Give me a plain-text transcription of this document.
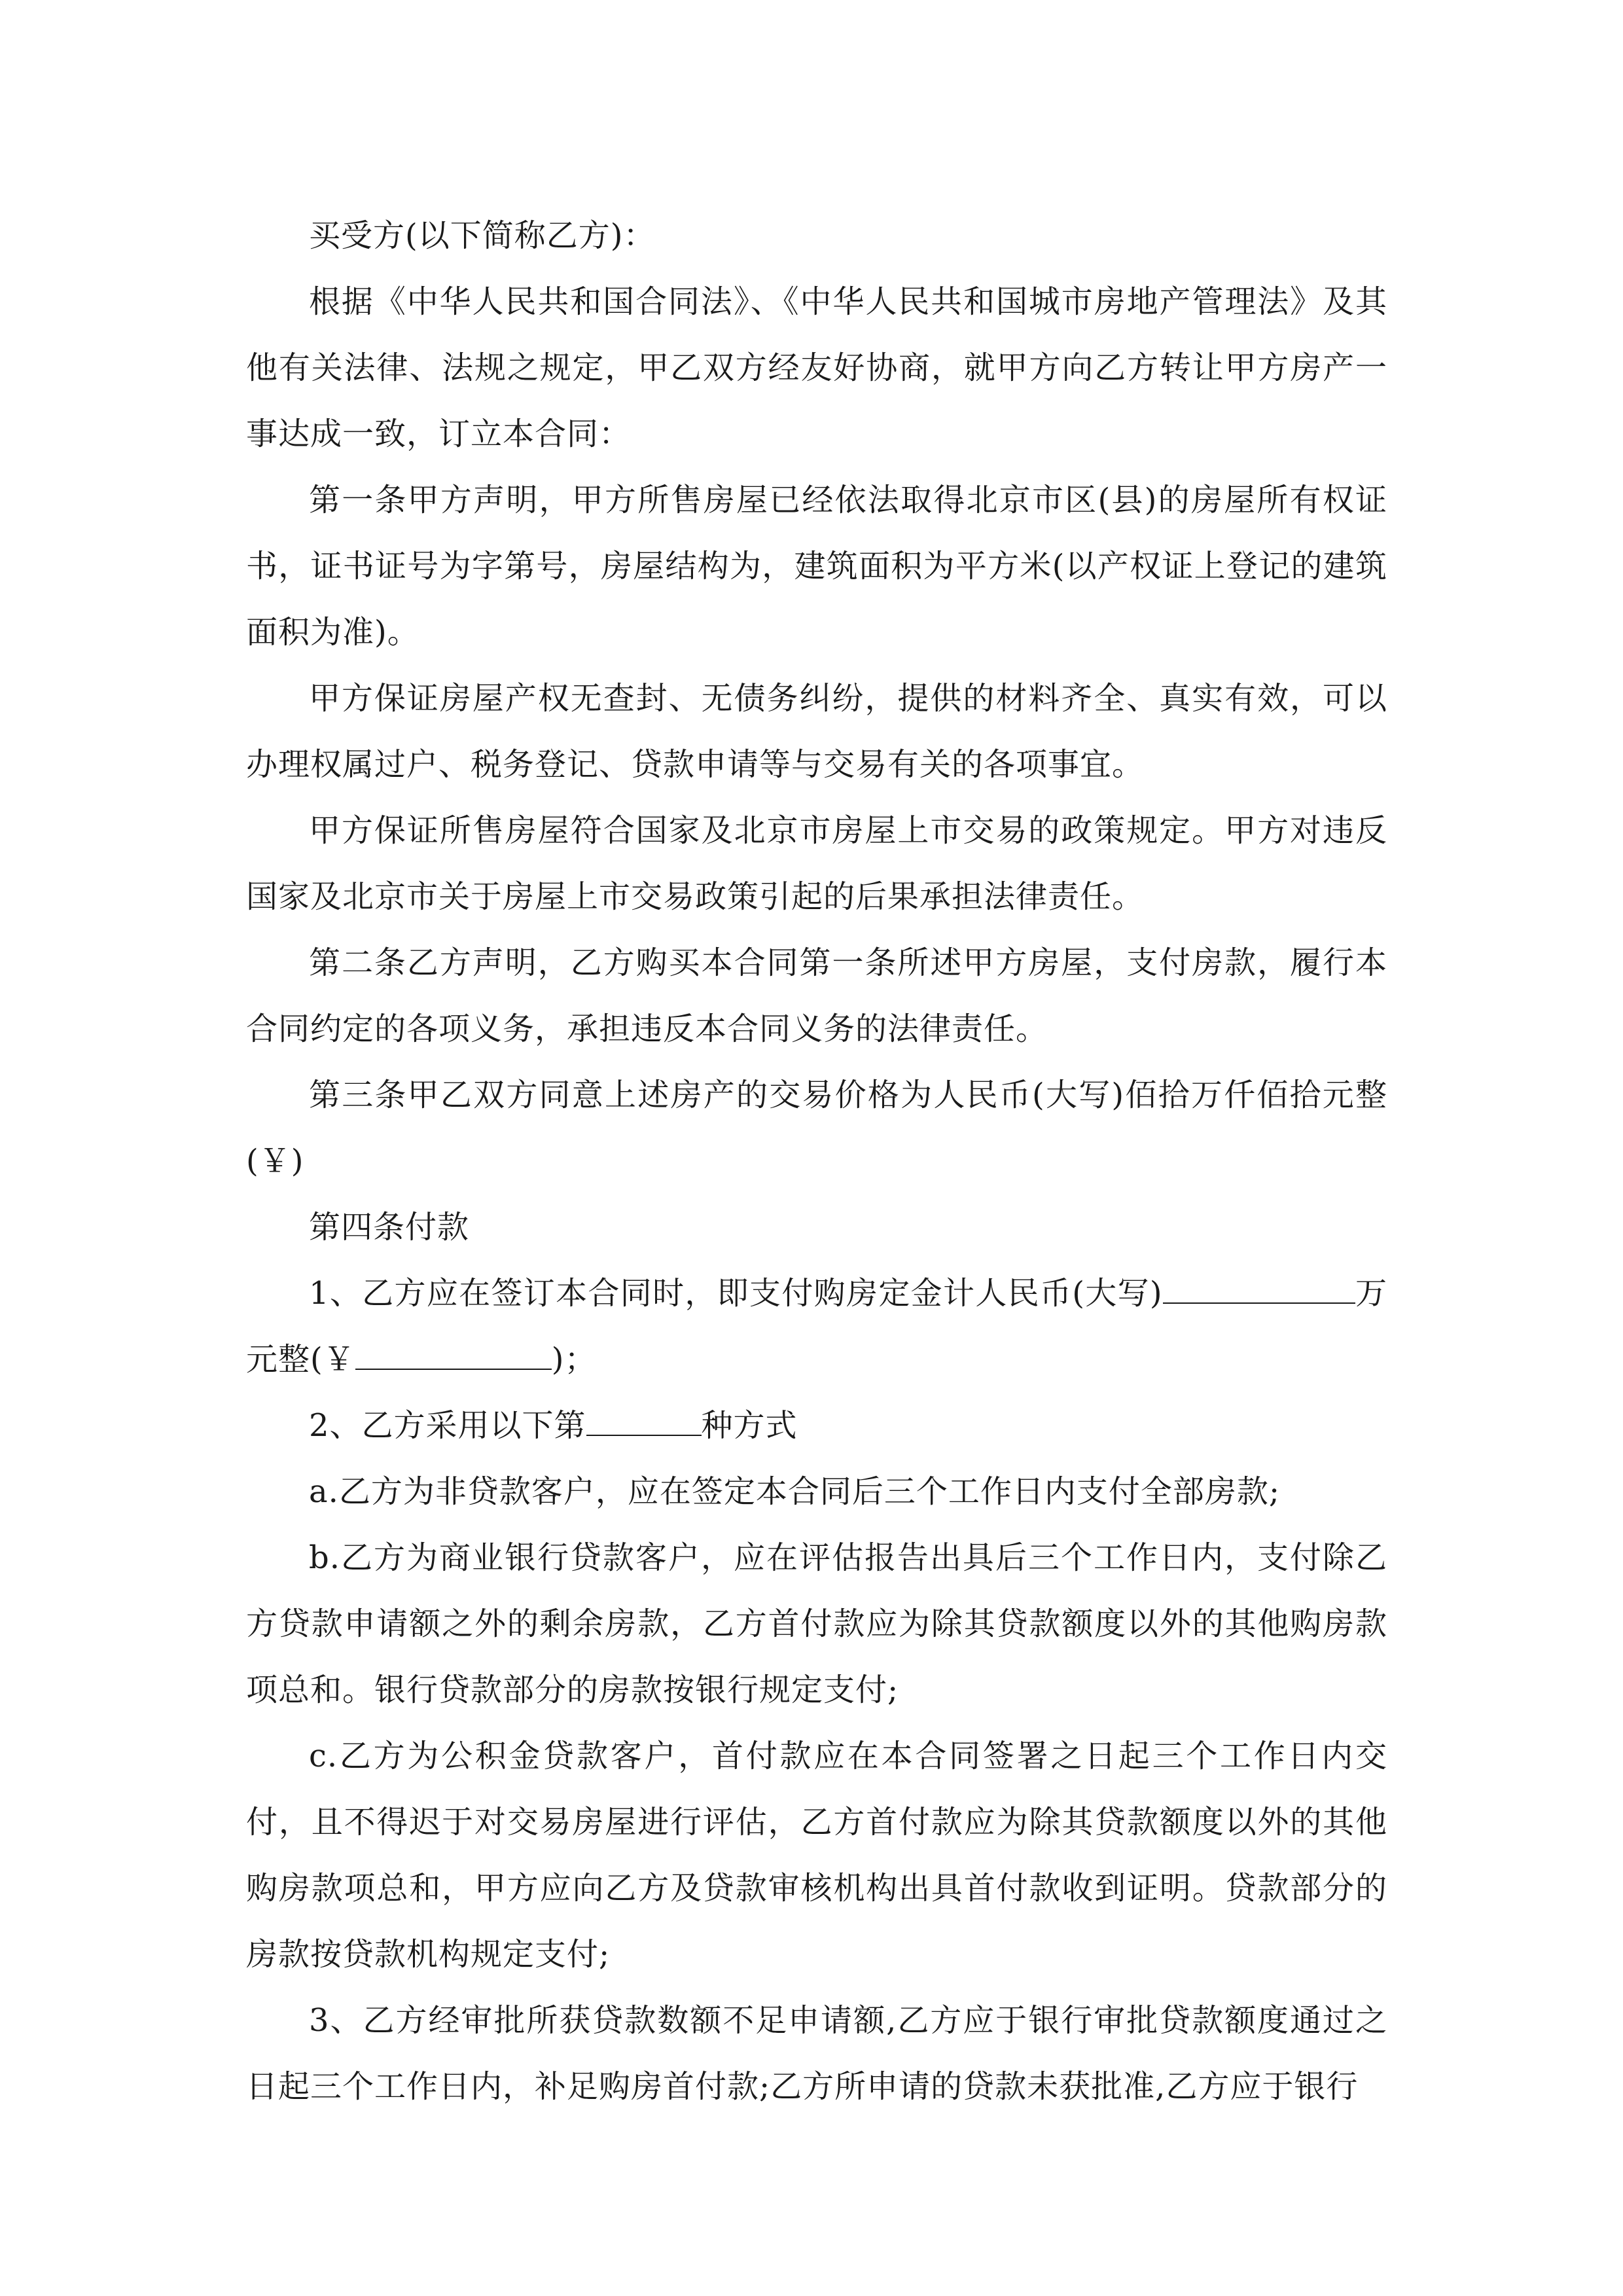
买受方(以下简称乙方)：

根据《中华人民共和国合同法》、《中华人民共和国城市房地产管理法》及其他有关法律、法规之规定，甲乙双方经友好协商，就甲方向乙方转让甲方房产一事达成一致，订立本合同：

第一条甲方声明，甲方所售房屋已经依法取得北京市区(县)的房屋所有权证书，证书证号为字第号，房屋结构为，建筑面积为平方米(以产权证上登记的建筑面积为准)。

甲方保证房屋产权无查封、无债务纠纷，提供的材料齐全、真实有效，可以办理权属过户、税务登记、贷款申请等与交易有关的各项事宜。

甲方保证所售房屋符合国家及北京市房屋上市交易的政策规定。甲方对违反国家及北京市关于房屋上市交易政策引起的后果承担法律责任。

第二条乙方声明，乙方购买本合同第一条所述甲方房屋，支付房款，履行本合同约定的各项义务，承担违反本合同义务的法律责任。

第三条甲乙双方同意上述房产的交易价格为人民币(大写)佰拾万仟佰拾元整(￥)

第四条付款

1、乙方应在签订本合同时，即支付购房定金计人民币(大写)	万元整(￥	)；

2、乙方采用以下第	种方式

a.乙方为非贷款客户，应在签定本合同后三个工作日内支付全部房款;

b.乙方为商业银行贷款客户，应在评估报告出具后三个工作日内，支付除乙方贷款申请额之外的剩余房款，乙方首付款应为除其贷款额度以外的其他购房款项总和。银行贷款部分的房款按银行规定支付;

c.乙方为公积金贷款客户，首付款应在本合同签署之日起三个工作日内交付，且不得迟于对交易房屋进行评估，乙方首付款应为除其贷款额度以外的其他购房款项总和，甲方应向乙方及贷款审核机构出具首付款收到证明。贷款部分的房款按贷款机构规定支付;

3、乙方经审批所获贷款数额不足申请额,乙方应于银行审批贷款额度通过之日起三个工作日内，补足购房首付款;乙方所申请的贷款未获批准,乙方应于银行
